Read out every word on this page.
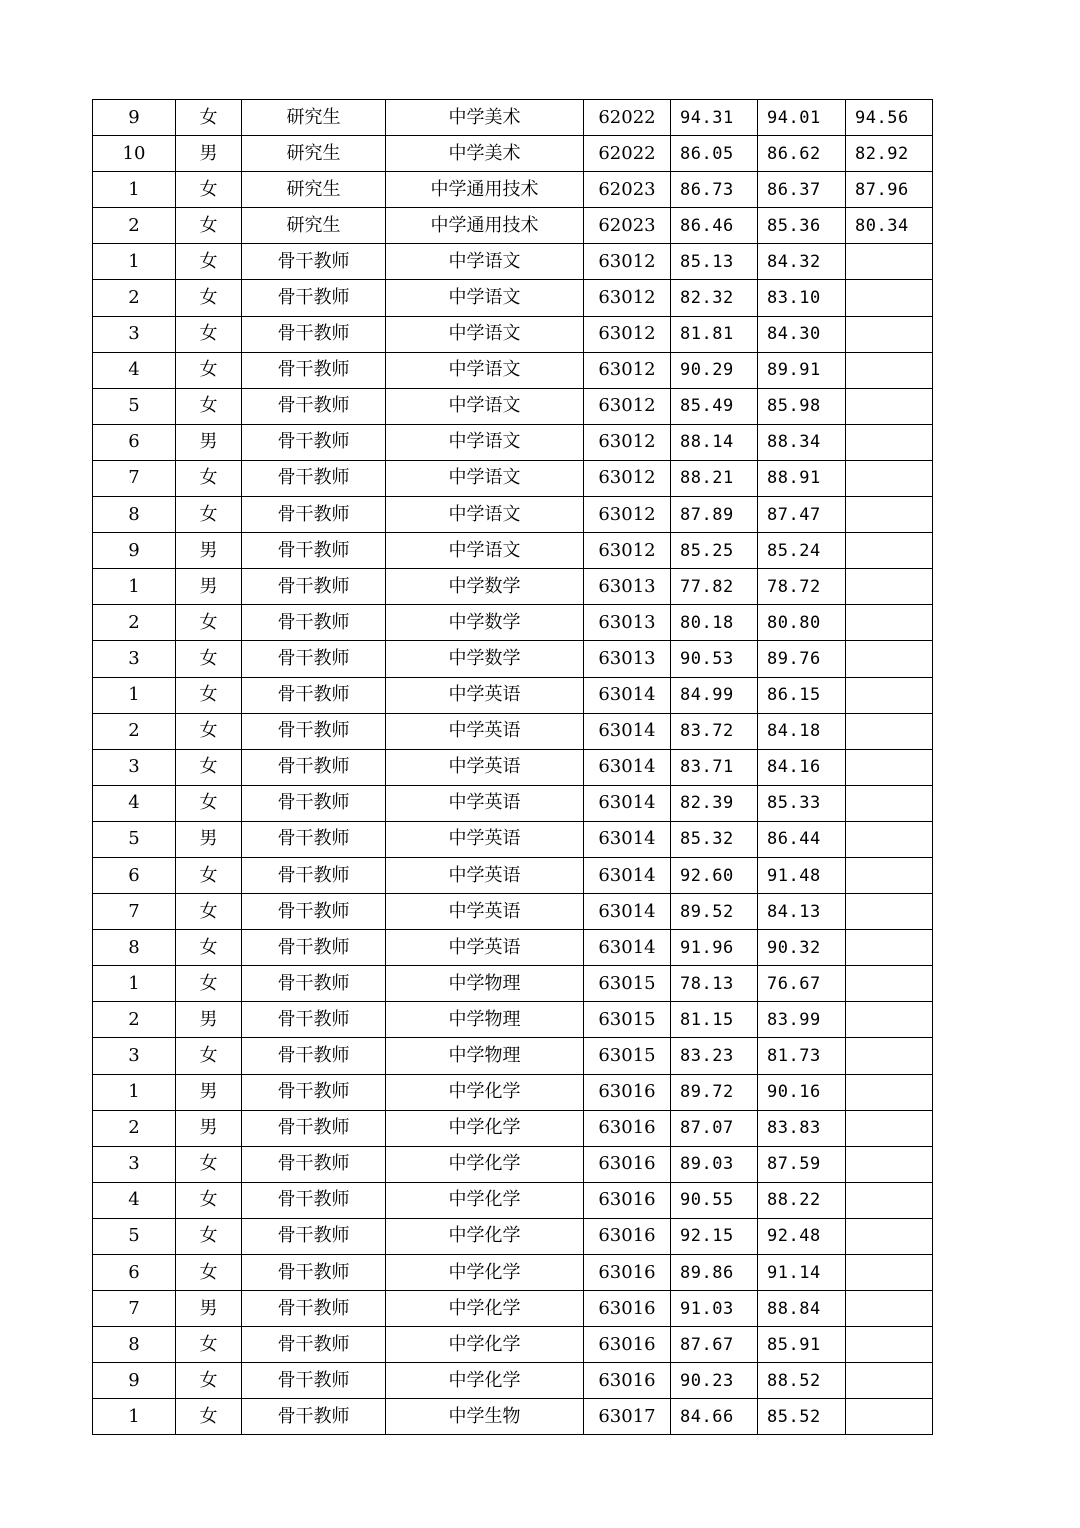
9	女	研究生	中学美术	62022	94.31	94.01	94.56
10	男	研究生	中学美术	62022	86.05	86.62	82.92
1	女	研究生	中学通用技术	62023	86.73	86.37	87.96
2	女	研究生	中学通用技术	62023	86.46	85.36	80.34
1	女	骨干教师	中学语文	63012	85.13	84.32	
2	女	骨干教师	中学语文	63012	82.32	83.10	
3	女	骨干教师	中学语文	63012	81.81	84.30	
4	女	骨干教师	中学语文	63012	90.29	89.91	
5	女	骨干教师	中学语文	63012	85.49	85.98	
6	男	骨干教师	中学语文	63012	88.14	88.34	
7	女	骨干教师	中学语文	63012	88.21	88.91	
8	女	骨干教师	中学语文	63012	87.89	87.47	
9	男	骨干教师	中学语文	63012	85.25	85.24	
1	男	骨干教师	中学数学	63013	77.82	78.72	
2	女	骨干教师	中学数学	63013	80.18	80.80	
3	女	骨干教师	中学数学	63013	90.53	89.76	
1	女	骨干教师	中学英语	63014	84.99	86.15	
2	女	骨干教师	中学英语	63014	83.72	84.18	
3	女	骨干教师	中学英语	63014	83.71	84.16	
4	女	骨干教师	中学英语	63014	82.39	85.33	
5	男	骨干教师	中学英语	63014	85.32	86.44	
6	女	骨干教师	中学英语	63014	92.60	91.48	
7	女	骨干教师	中学英语	63014	89.52	84.13	
8	女	骨干教师	中学英语	63014	91.96	90.32	
1	女	骨干教师	中学物理	63015	78.13	76.67	
2	男	骨干教师	中学物理	63015	81.15	83.99	
3	女	骨干教师	中学物理	63015	83.23	81.73	
1	男	骨干教师	中学化学	63016	89.72	90.16	
2	男	骨干教师	中学化学	63016	87.07	83.83	
3	女	骨干教师	中学化学	63016	89.03	87.59	
4	女	骨干教师	中学化学	63016	90.55	88.22	
5	女	骨干教师	中学化学	63016	92.15	92.48	
6	女	骨干教师	中学化学	63016	89.86	91.14	
7	男	骨干教师	中学化学	63016	91.03	88.84	
8	女	骨干教师	中学化学	63016	87.67	85.91	
9	女	骨干教师	中学化学	63016	90.23	88.52	
1	女	骨干教师	中学生物	63017	84.66	85.52	
